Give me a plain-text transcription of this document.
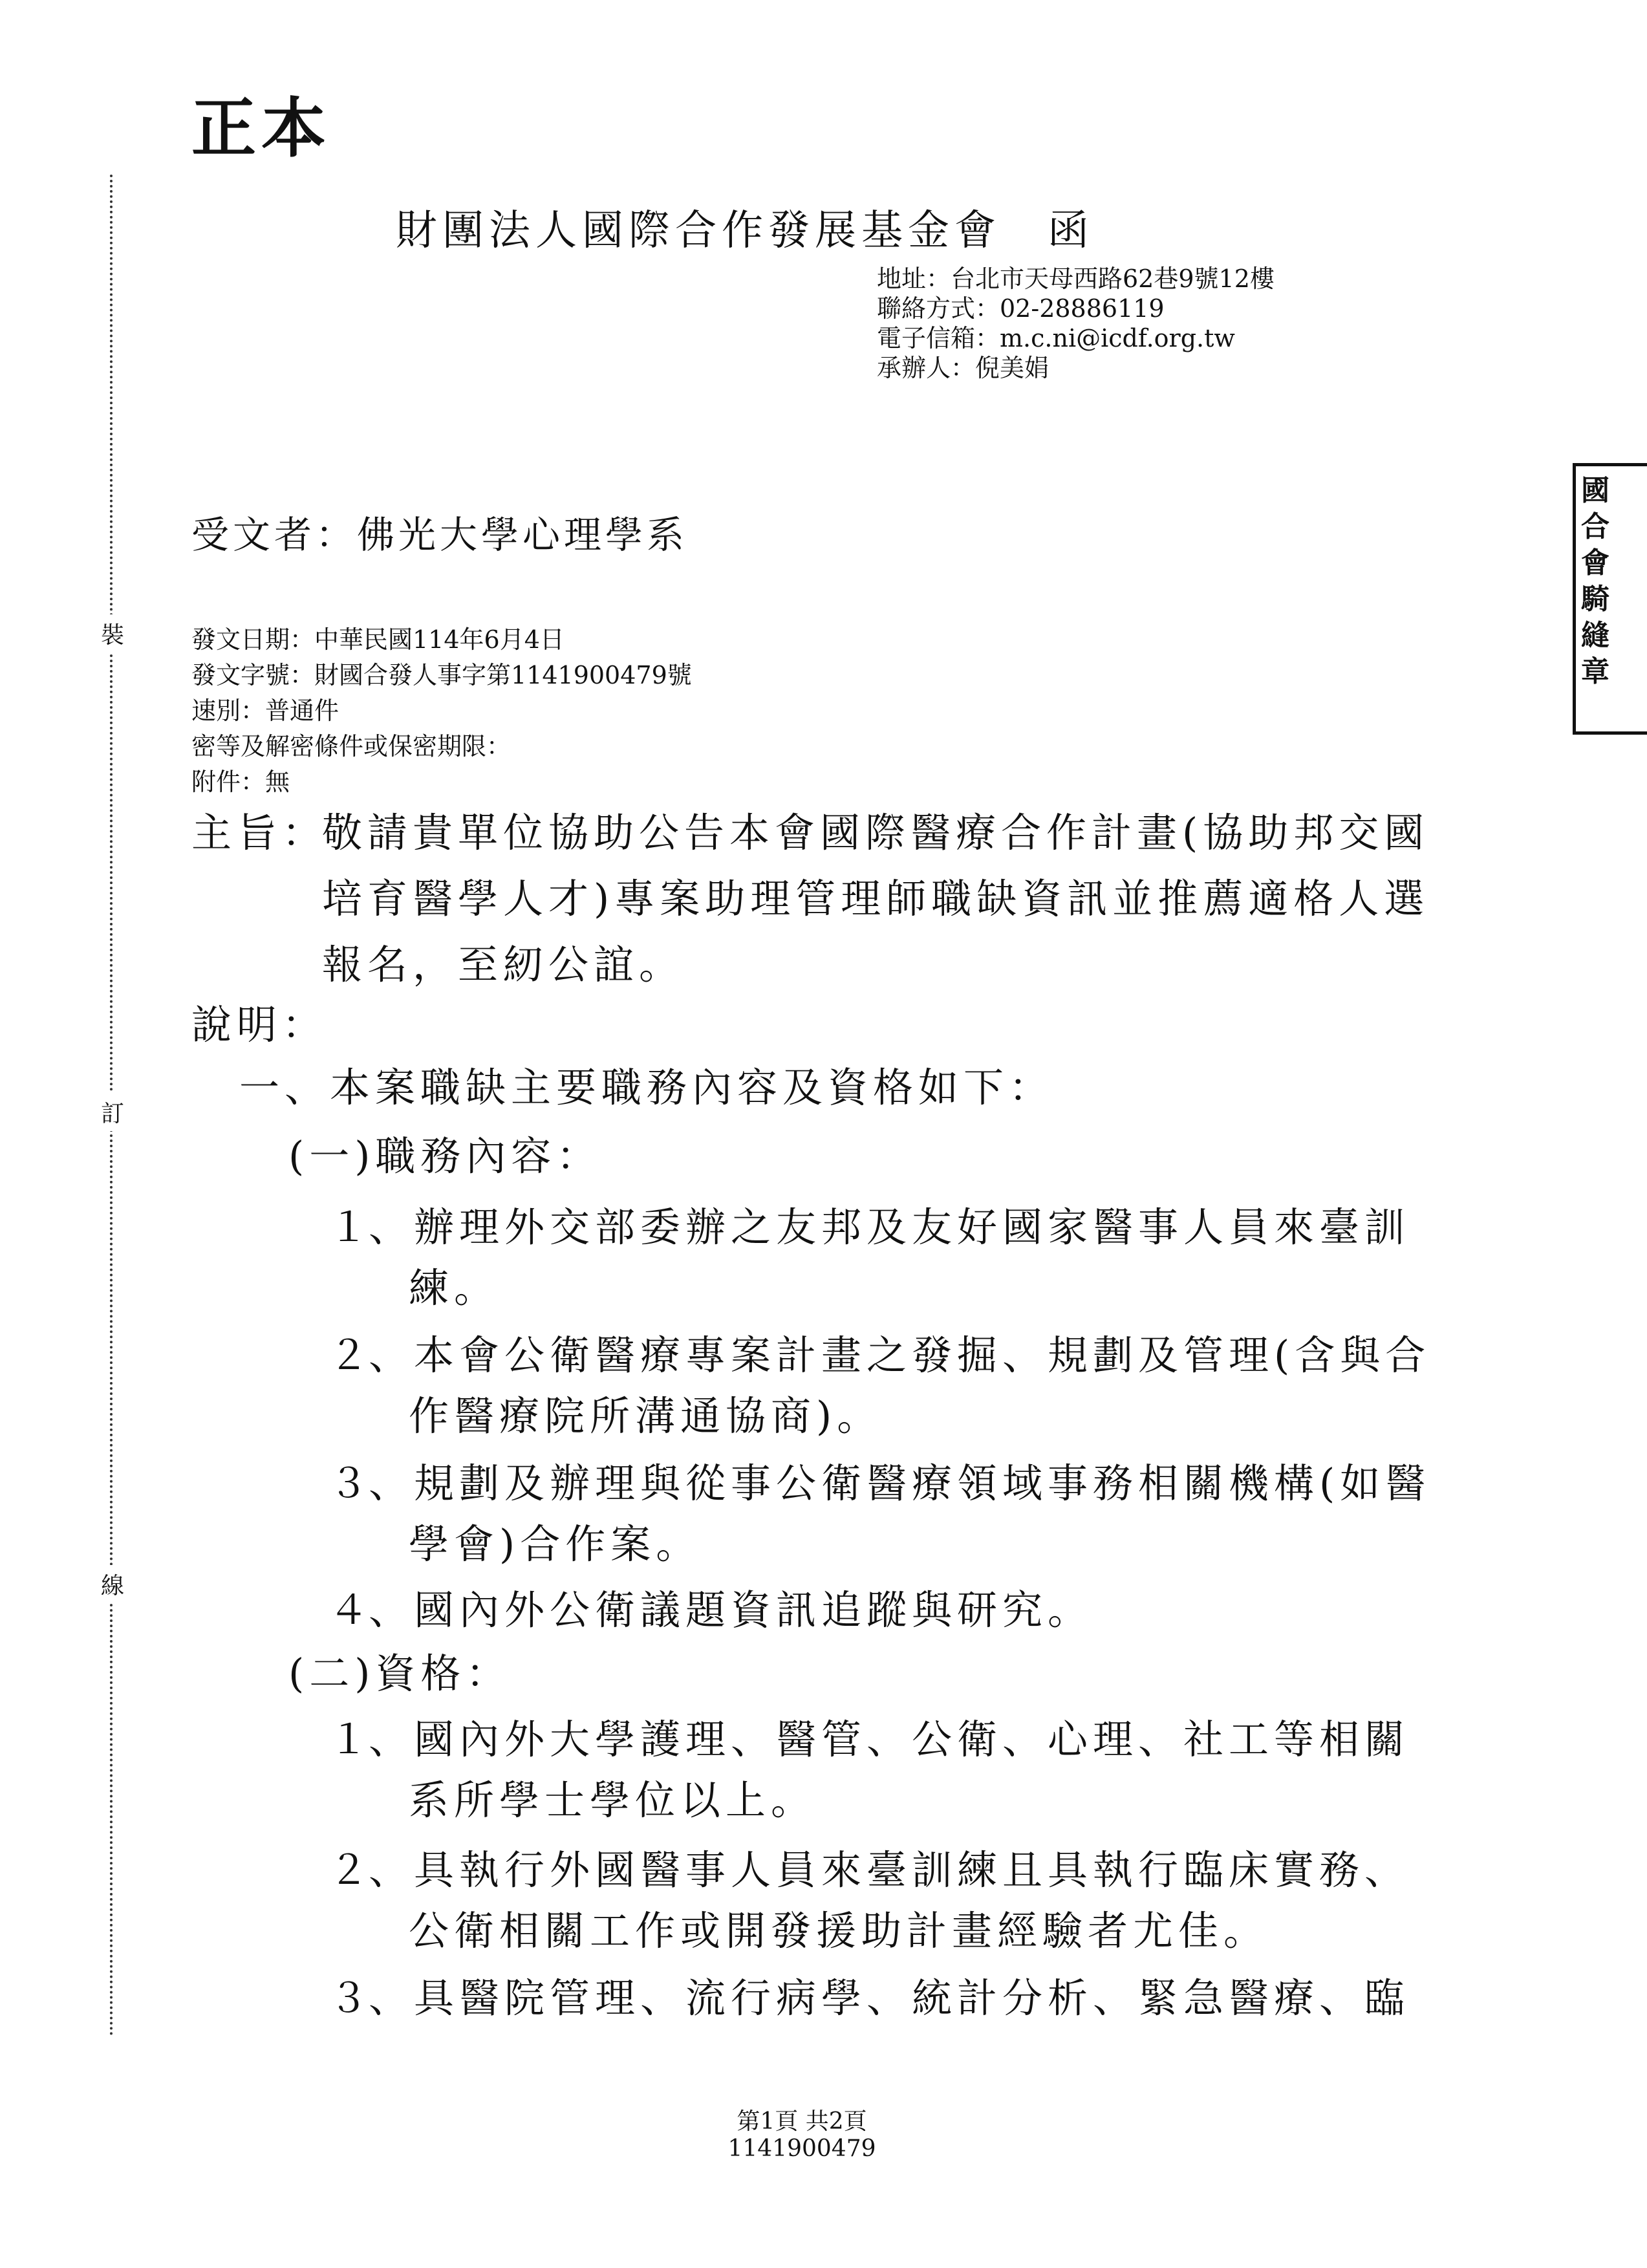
正本
裝
訂
線
財團法人國際合作發展基金會　函
地址：台北市天母西路62巷9號12樓
聯絡方式：02-28886119
電子信箱：m.c.ni@icdf.org.tw
承辦人：倪美娟
受文者：佛光大學心理學系
發文日期：中華民國114年6月4日
發文字號：財國合發人事字第1141900479號
速別：普通件
密等及解密條件或保密期限：
附件：無
主旨：
敬請貴單位協助公告本會國際醫療合作計畫(協助邦交國
培育醫學人才)專案助理管理師職缺資訊並推薦適格人選
報名，至紉公誼。
說明：
一、本案職缺主要職務內容及資格如下：
(一)職務內容：
１
、辦理外交部委辦之友邦及友好國家醫事人員來臺訓
練。
２
、本會公衛醫療專案計畫之發掘、規劃及管理(含與合
作醫療院所溝通協商)。
３
、規劃及辦理與從事公衛醫療領域事務相關機構(如醫
學會)合作案。
４
、國內外公衛議題資訊追蹤與研究。
(二)資格：
１
、國內外大學護理、醫管、公衛、心理、社工等相關
系所學士學位以上。
２
、具執行外國醫事人員來臺訓練且具執行臨床實務、
公衛相關工作或開發援助計畫經驗者尤佳。
３
、具醫院管理、流行病學、統計分析、緊急醫療、臨
國合會騎縫章
第1頁 共2頁
1141900479
